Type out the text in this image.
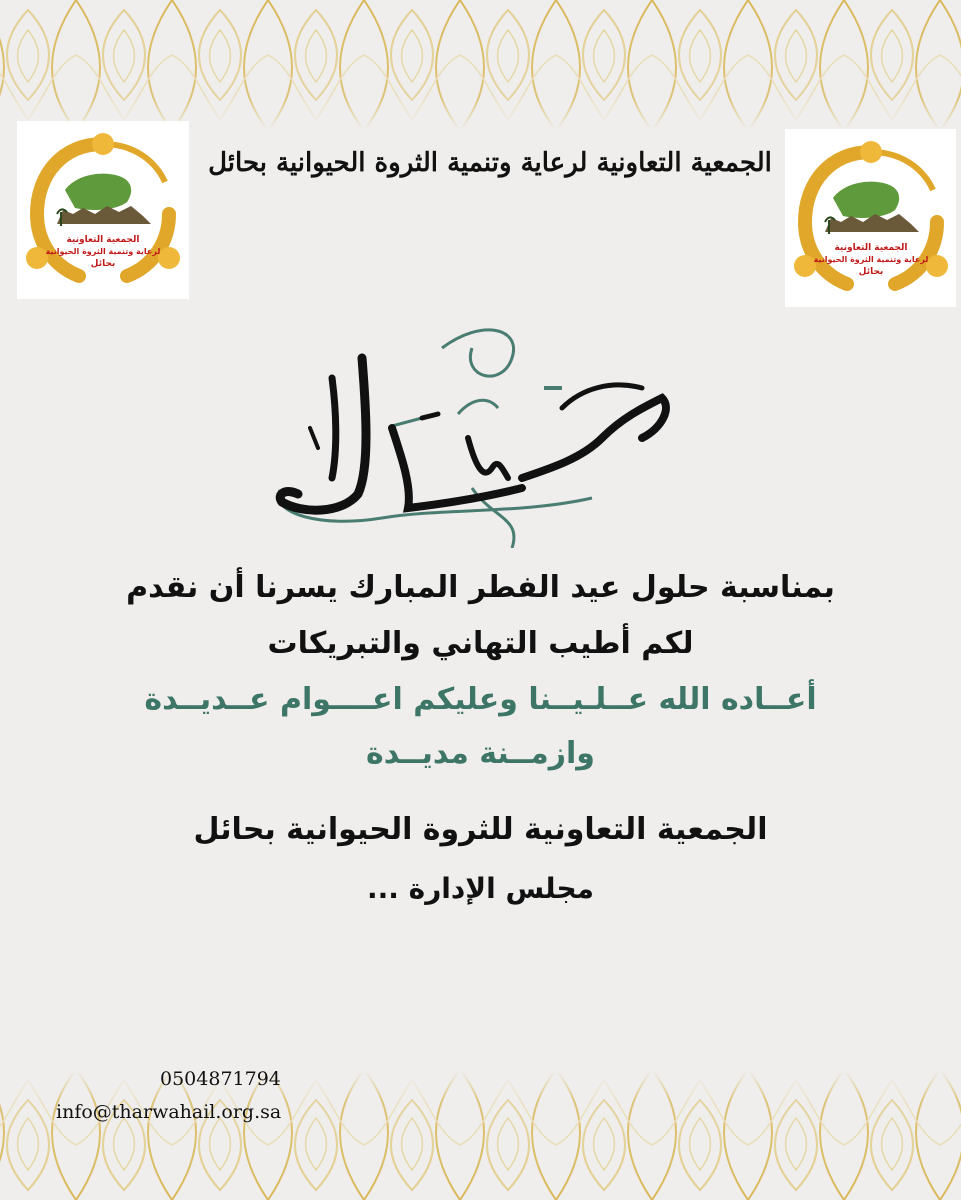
الجمعية التعاونية
لرعاية وتنمية الثروة الحيوانية
بحائل
الجمعية التعاونية
لرعاية وتنمية الثروة الحيوانية
بحائل
الجمعية التعاونية لرعاية وتنمية الثروة الحيوانية بحائل
بمناسبة حلول عيد الفطر المبارك يسرنا أن نقدم
لكم أطيب التهاني والتبريكات
أعــاده الله عــلـيــنا وعليكم اعــــوام عــديــدة
وازمــنة مديــدة
الجمعية التعاونية للثروة الحيوانية بحائل
مجلس الإدارة ...
0504871794
info@tharwahail.org.sa
